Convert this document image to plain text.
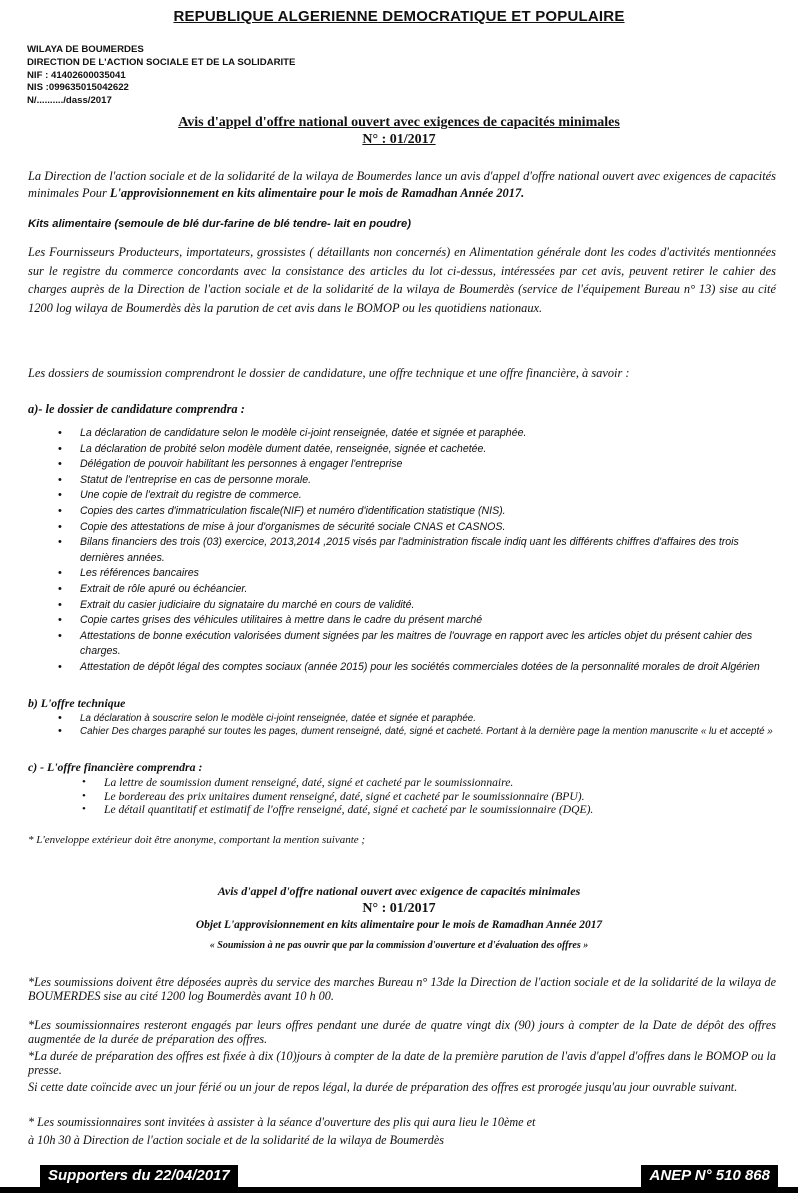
REPUBLIQUE ALGERIENNE DEMOCRATIQUE ET POPULAIRE
WILAYA DE BOUMERDES
DIRECTION DE L'ACTION SOCIALE ET DE LA SOLIDARITE
NIF : 41402600035041
NIS :099635015042622
N/........../dass/2017
Avis d'appel d'offre national ouvert avec exigences de capacités minimales
N° : 01/2017
La Direction de l'action sociale et de la solidarité de la wilaya de Boumerdes lance un avis d'appel d'offre national ouvert avec exigences de capacités minimales Pour L'approvisionnement en kits alimentaire pour le mois de Ramadhan Année 2017.
Kits alimentaire (semoule de blé dur-farine de blé tendre- lait en poudre)
Les Fournisseurs Producteurs, importateurs, grossistes ( détaillants non concernés) en Alimentation générale dont les codes d'activités mentionnées sur le registre du commerce concordants avec la consistance des articles du lot ci-dessus, intéressées par cet avis, peuvent retirer le cahier des charges auprès de la Direction de l'action sociale et de la solidarité de la wilaya de Boumerdès (service de l'équipement Bureau n° 13) sise au cité 1200 log wilaya de Boumerdès dès la parution de cet avis dans le BOMOP ou les quotidiens nationaux.
Les dossiers de soumission comprendront le dossier de candidature, une offre technique et une offre financière, à savoir :
a)- le dossier de candidature comprendra :
• La déclaration de candidature selon le modèle ci-joint renseignée, datée et signée et paraphée.
• La déclaration de probité selon modèle dument datée, renseignée, signée et cachetée.
• Délégation de pouvoir habilitant les personnes à engager l'entreprise
• Statut de l'entreprise en cas de personne morale.
• Une copie de l'extrait du registre de commerce.
• Copies des cartes d'immatriculation fiscale(NIF) et numéro d'identification statistique (NIS).
• Copie des attestations de mise à jour d'organismes de sécurité sociale CNAS et CASNOS.
• Bilans financiers des trois (03) exercice, 2013,2014 ,2015 visés par l'administration fiscale indiq uant les différents chiffres d'affaires des trois dernières années.
• Les références bancaires
• Extrait de rôle apuré ou échéancier.
• Extrait du casier judiciaire du signataire du marché en cours de validité.
• Copie cartes grises des véhicules utilitaires à mettre dans le cadre du présent marché
• Attestations de bonne exécution valorisées dument signées par les maitres de l'ouvrage en rapport avec les articles objet du présent cahier des charges.
• Attestation de dépôt légal des comptes sociaux (année 2015) pour les sociétés commerciales dotées de la personnalité morales de droit Algérien
b) L'offre technique
• La déclaration à souscrire selon le modèle ci-joint renseignée, datée et signée et paraphée.
• Cahier Des charges paraphé sur toutes les pages, dument renseigné, daté, signé et cacheté. Portant à la dernière page la mention manuscrite « lu et accepté »
c) - L'offre financière comprendra :
• La lettre de soumission dument renseigné, daté, signé et cacheté par le soumissionnaire.
• Le bordereau des prix unitaires dument renseigné, daté, signé et cacheté par le soumissionnaire (BPU).
• Le détail quantitatif et estimatif de l'offre renseigné, daté, signé et cacheté par le soumissionnaire (DQE).
* L'enveloppe extérieur doit être anonyme, comportant la mention suivante ;
Avis d'appel d'offre national ouvert avec exigence de capacités minimales
N° : 01/2017
Objet L'approvisionnement en kits alimentaire pour le mois de Ramadhan Année 2017
« Soumission à ne pas ouvrir que par la commission d'ouverture et d'évaluation des offres »
*Les soumissions doivent être déposées auprès du service des marches Bureau n° 13de la Direction de l'action sociale et de la solidarité de la wilaya de BOUMERDES sise au cité 1200 log Boumerdès avant 10 h 00.
*Les soumissionnaires resteront engagés par leurs offres pendant une durée de quatre vingt dix (90) jours à compter de la Date de dépôt des offres augmentée de la durée de préparation des offres.
*La durée de préparation des offres est fixée à dix (10)jours à compter de la date de la première parution de l'avis d'appel d'offres dans le BOMOP ou la presse.
Si cette date coïncide avec un jour férié ou un jour de repos légal, la durée de préparation des offres est prorogée jusqu'au jour ouvrable suivant.
* Les soumissionnaires sont invitées à assister à la séance d'ouverture des plis qui aura lieu le 10ème et
à 10h 30 à Direction de l'action sociale et de la solidarité de la wilaya de Boumerdès
Supporters du 22/04/2017	ANEP N° 510 868
